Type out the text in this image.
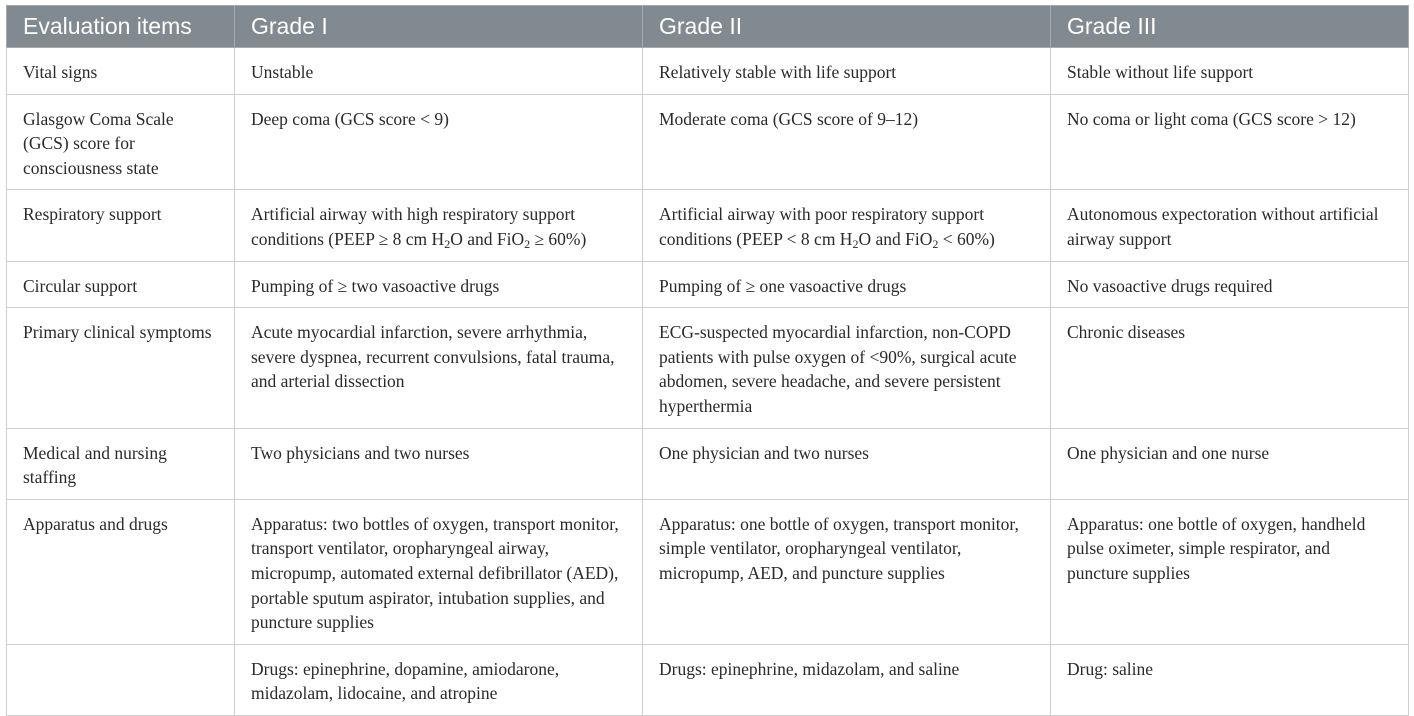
Evaluation items	Grade I	Grade II	Grade III
Vital signs	Unstable	Relatively stable with life support	Stable without life support
Glasgow Coma Scale (GCS) score for consciousness state	Deep coma (GCS score < 9)	Moderate coma (GCS score of 9–12)	No coma or light coma (GCS score > 12)
Respiratory support	Artificial airway with high respiratory support conditions (PEEP ≥ 8 cm $H_2O$ and FiO$_2$ ≥ 60%)	Artificial airway with poor respiratory support conditions (PEEP < 8 cm $H_2O$ and FiO$_2$ < 60%)	Autonomous expectoration without artificial airway support
Circular support	Pumping of ≥ two vasoactive drugs	Pumping of ≥ one vasoactive drugs	No vasoactive drugs required
Primary clinical symptoms	Acute myocardial infarction, severe arrhythmia, severe dyspnea, recurrent convulsions, fatal trauma, and arterial dissection	ECG-suspected myocardial infarction, non-COPD patients with pulse oxygen of <90%, surgical acute abdomen, severe headache, and severe persistent hyperthermia	Chronic diseases
Medical and nursing staffing	Two physicians and two nurses	One physician and two nurses	One physician and one nurse
Apparatus and drugs	Apparatus: two bottles of oxygen, transport monitor, transport ventilator, oropharyngeal airway, micropump, automated external defibrillator (AED), portable sputum aspirator, intubation supplies, and puncture supplies	Apparatus: one bottle of oxygen, transport monitor, simple ventilator, oropharyngeal ventilator, micropump, AED, and puncture supplies	Apparatus: one bottle of oxygen, handheld pulse oximeter, simple respirator, and puncture supplies
	Drugs: epinephrine, dopamine, amiodarone, midazolam, lidocaine, and atropine	Drugs: epinephrine, midazolam, and saline	Drug: saline
